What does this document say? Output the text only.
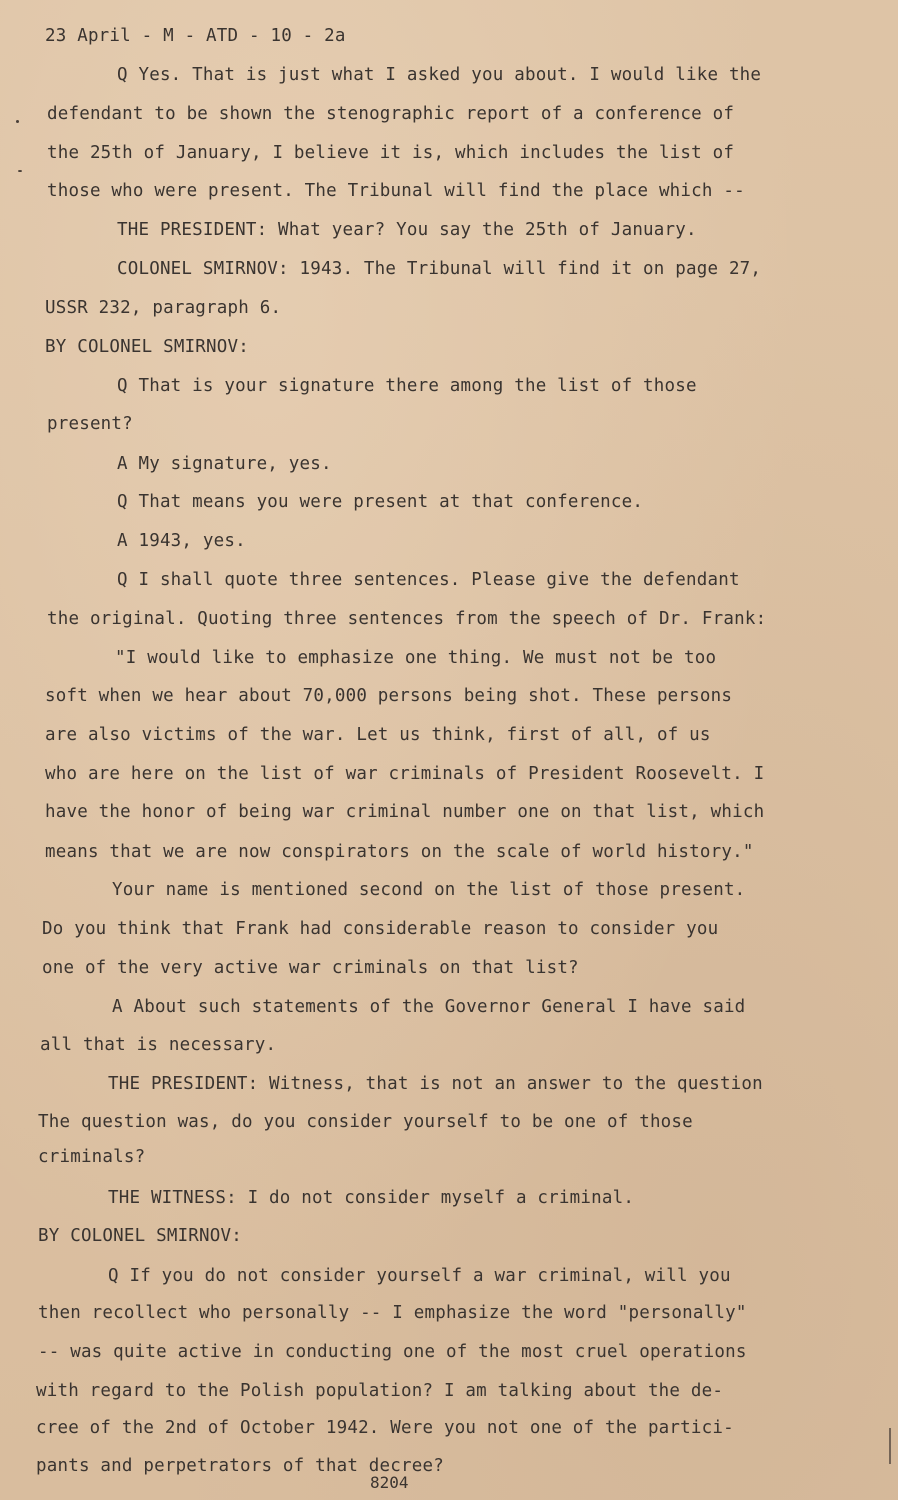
23 April - M - ATD - 10 - 2a
Q Yes. That is just what I asked you about. I would like the
defendant to be shown the stenographic report of a conference of
the 25th of January, I believe it is, which includes the list of
those who were present. The Tribunal will find the place which --
THE PRESIDENT: What year? You say the 25th of January.
COLONEL SMIRNOV: 1943. The Tribunal will find it on page 27,
USSR 232, paragraph 6.
BY COLONEL SMIRNOV:
Q That is your signature there among the list of those
present?
A My signature, yes.
Q That means you were present at that conference.
A 1943, yes.
Q I shall quote three sentences. Please give the defendant
the original. Quoting three sentences from the speech of Dr. Frank:
"I would like to emphasize one thing. We must not be too
soft when we hear about 70,000 persons being shot. These persons
are also victims of the war. Let us think, first of all, of us
who are here on the list of war criminals of President Roosevelt. I
have the honor of being war criminal number one on that list, which
means that we are now conspirators on the scale of world history."
Your name is mentioned second on the list of those present.
Do you think that Frank had considerable reason to consider you
one of the very active war criminals on that list?
A About such statements of the Governor General I have said
all that is necessary.
THE PRESIDENT: Witness, that is not an answer to the question
The question was, do you consider yourself to be one of those
criminals?
THE WITNESS: I do not consider myself a criminal.
BY COLONEL SMIRNOV:
Q If you do not consider yourself a war criminal, will you
then recollect who personally -- I emphasize the word "personally"
-- was quite active in conducting one of the most cruel operations
with regard to the Polish population? I am talking about the de-
cree of the 2nd of October 1942. Were you not one of the partici-
pants and perpetrators of that decree?
8204
